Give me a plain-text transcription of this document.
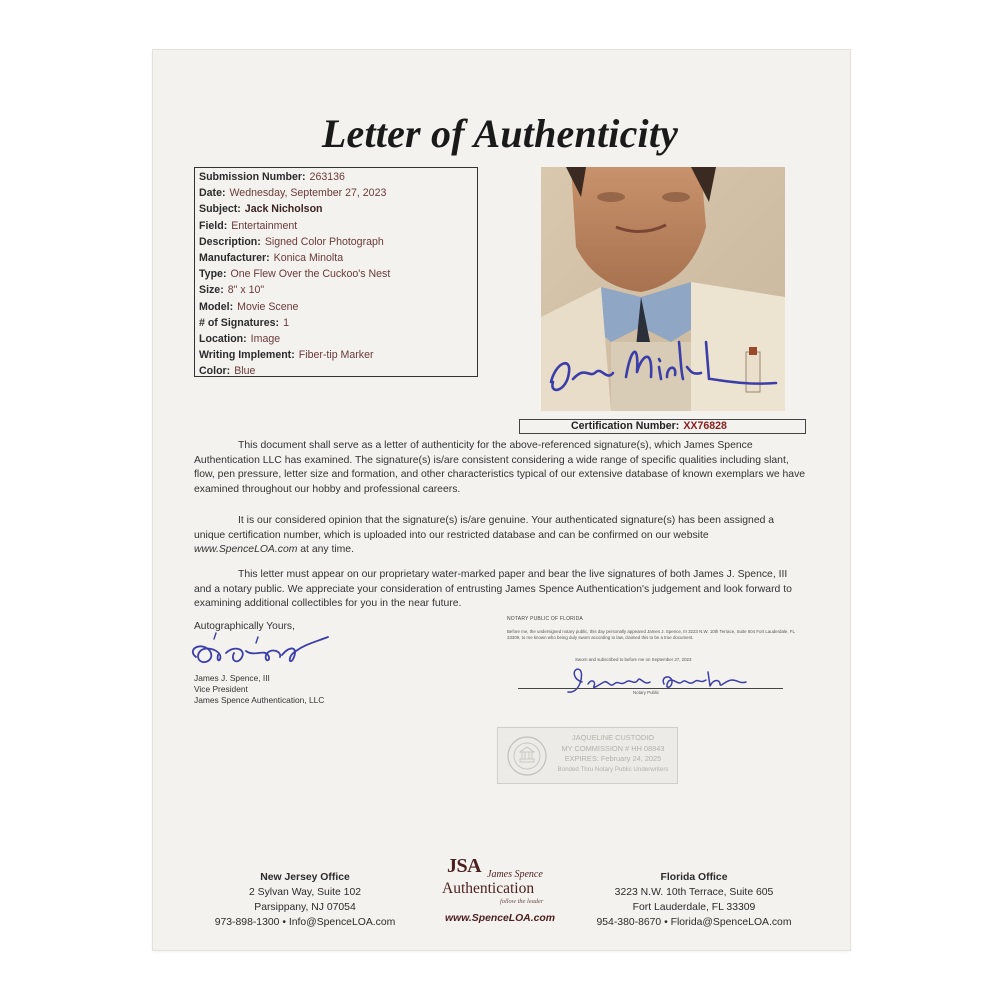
Letter of Authenticity
Submission Number: 263136
Date: Wednesday, September 27, 2023
Subject: Jack Nicholson
Field: Entertainment
Description: Signed Color Photograph
Manufacturer: Konica Minolta
Type: One Flew Over the Cuckoo's Nest
Size: 8" x 10"
Model: Movie Scene
# of Signatures: 1
Location: Image
Writing Implement: Fiber-tip Marker
Color: Blue
Certification Number: XX76828
This document shall serve as a letter of authenticity for the above-referenced signature(s), which James Spence Authentication LLC has examined. The signature(s) is/are consistent considering a wide range of specific qualities including slant, flow, pen pressure, letter size and formation, and other characteristics typical of our extensive database of known exemplars we have examined throughout our hobby and professional careers.
It is our considered opinion that the signature(s) is/are genuine. Your authenticated signature(s) has been assigned a unique certification number, which is uploaded into our restricted database and can be confirmed on our website www.SpenceLOA.com at any time.
This letter must appear on our proprietary water-marked paper and bear the live signatures of both James J. Spence, III and a notary public. We appreciate your consideration of entrusting James Spence Authentication's judgement and look forward to examining additional collectibles for you in the near future.
Autographically Yours,
James J. Spence, III
Vice President
James Spence Authentication, LLC
NOTARY PUBLIC OF FLORIDA
Before me, the undersigned notary public, this day personally appeared James J. Spence, III 3223 N.W. 10th Terrace, Suite 604 Fort Lauderdale, FL 33309, to me known who being duly sworn according to law, claimed this to be a true document.
Sworn and subscribed to before me on September 27, 2023
Notary Public
JAQUELINE CUSTODIO
MY COMMISSION # HH 08843
EXPIRES: February 24, 2025
Bonded Thru Notary Public Underwriters
New Jersey Office
2 Sylvan Way, Suite 102
Parsippany, NJ 07054
973-898-1300 • Info@SpenceLOA.com
JSA James Spence
Authentication
follow the leader
www.SpenceLOA.com
Florida Office
3223 N.W. 10th Terrace, Suite 605
Fort Lauderdale, FL 33309
954-380-8670 • Florida@SpenceLOA.com
